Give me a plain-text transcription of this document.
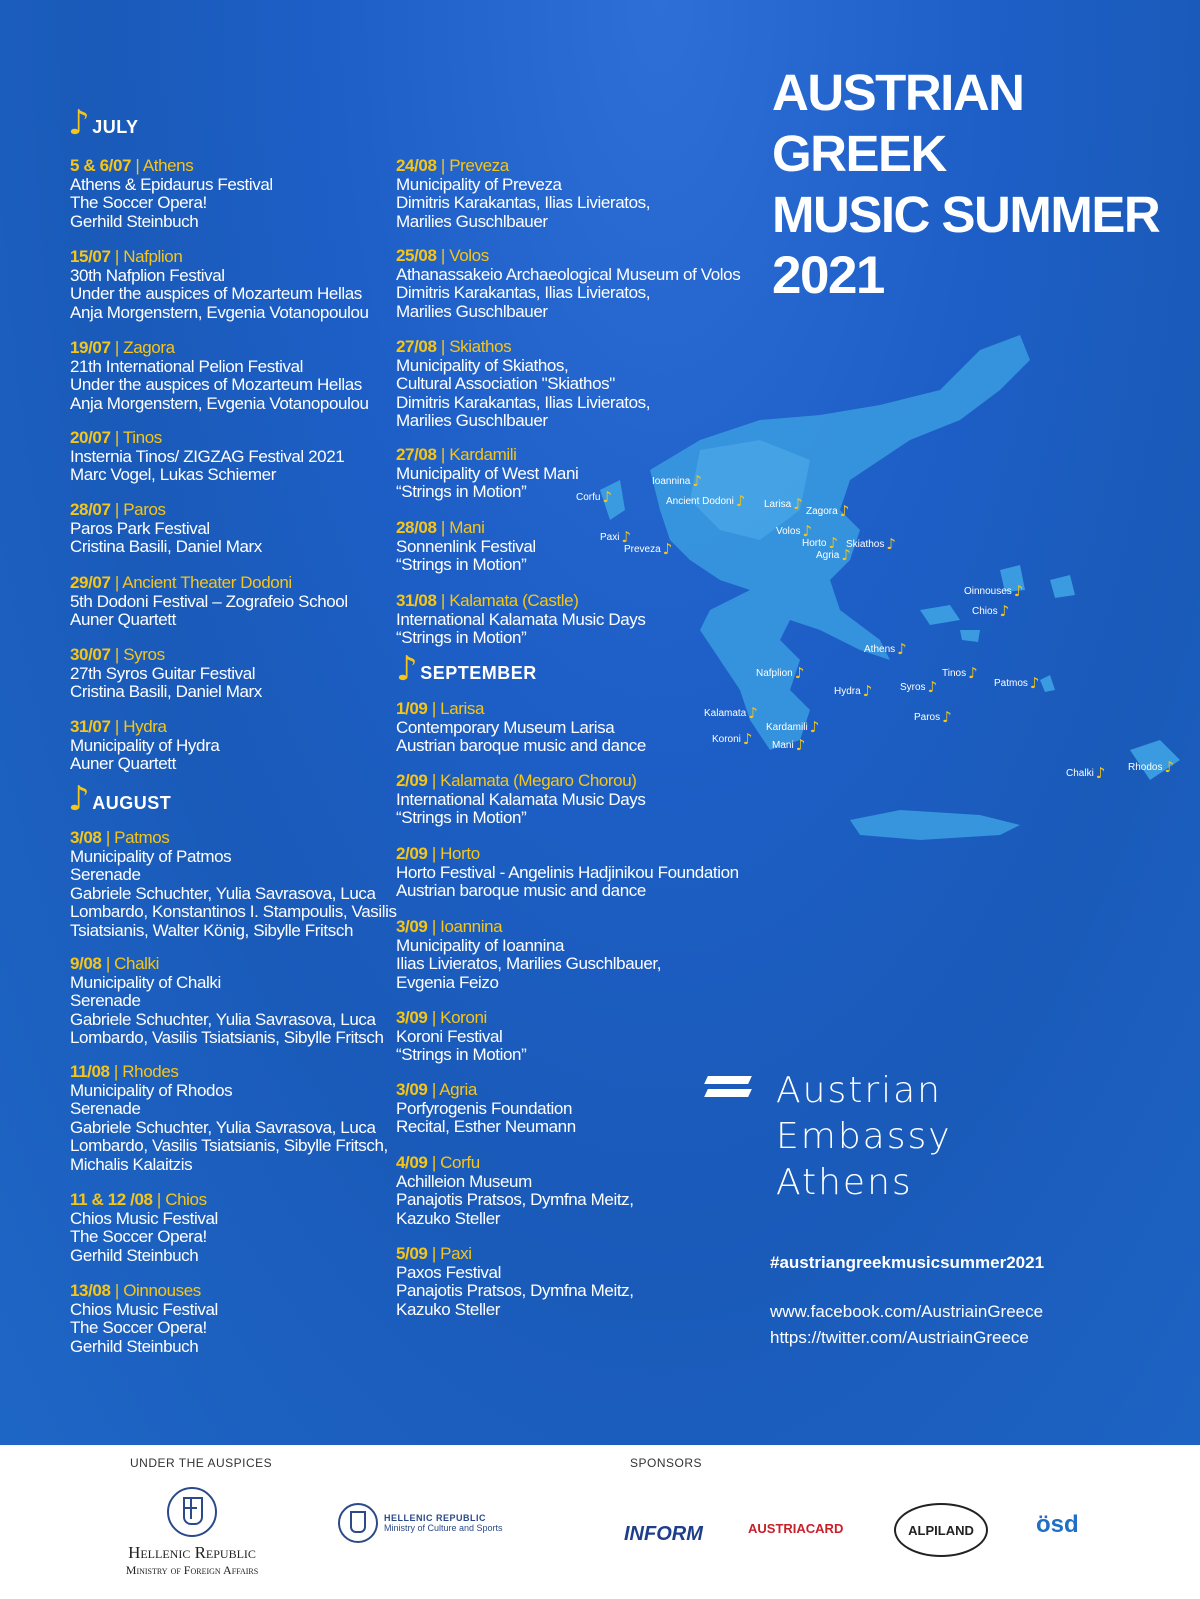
AUSTRIAN
GREEK
MUSIC SUMMER
2021
♪ JULY
♪ AUGUST
♪ SEPTEMBER
5 & 6/07 | Athens
Athens & Epidaurus Festival
The Soccer Opera!
Gerhild Steinbuch
15/07 | Nafplion
30th Nafplion Festival
Under the auspices of Mozarteum Hellas
Anja Morgenstern, Evgenia Votanopoulou
19/07 | Zagora
21th International Pelion Festival
Under the auspices of Mozarteum Hellas
Anja Morgenstern, Evgenia Votanopoulou
20/07 | Tinos
Insternia Tinos/ ZIGZAG Festival 2021
Marc Vogel, Lukas Schiemer
28/07 | Paros
Paros Park Festival
Cristina Basili, Daniel Marx
29/07 | Ancient Theater Dodoni
5th Dodoni Festival – Zografeio School
Auner Quartett
30/07 | Syros
27th Syros Guitar Festival
Cristina Basili, Daniel Marx
31/07 | Hydra
Municipality of Hydra
Auner Quartett
3/08 | Patmos
Municipality of Patmos
Serenade
Gabriele Schuchter, Yulia Savrasova, Luca
Lombardo, Konstantinos I. Stampoulis, Vasilis
Tsiatsianis, Walter König, Sibylle Fritsch
9/08 | Chalki
Municipality of Chalki
Serenade
Gabriele Schuchter, Yulia Savrasova, Luca
Lombardo, Vasilis Tsiatsianis, Sibylle Fritsch
11/08 | Rhodes
Municipality of Rhodos
Serenade
Gabriele Schuchter, Yulia Savrasova, Luca
Lombardo, Vasilis Tsiatsianis, Sibylle Fritsch,
Michalis Kalaitzis
11 & 12 /08 | Chios
Chios Music Festival
The Soccer Opera!
Gerhild Steinbuch
13/08 | Oinnouses
Chios Music Festival
The Soccer Opera!
Gerhild Steinbuch
24/08 | Preveza
Municipality of Preveza
Dimitris Karakantas, Ilias Livieratos,
Marilies Guschlbauer
25/08 | Volos
Athanassakeio Archaeological Museum of Volos
Dimitris Karakantas, Ilias Livieratos,
Marilies Guschlbauer
27/08 | Skiathos
Municipality of Skiathos,
Cultural Association "Skiathos"
Dimitris Karakantas, Ilias Livieratos,
Marilies Guschlbauer
27/08 | Kardamili
Municipality of West Mani
“Strings in Motion”
28/08 | Mani
Sonnenlink Festival
“Strings in Motion”
31/08 | Kalamata (Castle)
International Kalamata Music Days
“Strings in Motion”
1/09 | Larisa
Contemporary Museum Larisa
Austrian baroque music and dance
2/09 | Kalamata (Megaro Chorou)
International Kalamata Music Days
“Strings in Motion”
2/09 | Horto
Horto Festival - Angelinis Hadjinikou Foundation
Austrian baroque music and dance
3/09 | Ioannina
Municipality of Ioannina
Ilias Livieratos, Marilies Guschlbauer,
Evgenia Feizo
3/09 | Koroni
Koroni Festival
“Strings in Motion”
3/09 | Agria
Porfyrogenis Foundation
Recital, Esther Neumann
4/09 | Corfu
Achilleion Museum
Panajotis Pratsos, Dymfna Meitz,
Kazuko Steller
5/09 | Paxi
Paxos Festival
Panajotis Pratsos, Dymfna Meitz,
Kazuko Steller
Ioannina ♪
Corfu ♪	Ancient Dodoni ♪ Larisa ♪ Zagora ♪
Paxi ♪
Preveza ♪
Volos ♪
Horto ♪
Agria ♪
Skiathos ♪
Oinnouses ♪
Chios ♪
Athens ♪
Nafplion ♪	Tinos ♪
Syros ♪	Patmos ♪
Hydra ♪
Paros ♪
Kalamata ♪
Kardamili ♪
Koroni ♪ Mani ♪
Chalki ♪ Rhodos ♪
Austrian
Embassy
Athens
#austriangreekmusicsummer2021
www.facebook.com/AustriainGreece
https://twitter.com/AustriainGreece
UNDER THE AUSPICES	SPONSORS
Hellenic Republic
Ministry of Foreign Affairs
HELLENIC REPUBLIC
Ministry of Culture and Sports	INFORM	AUSTRIACARD	ALPILAND	ösd
